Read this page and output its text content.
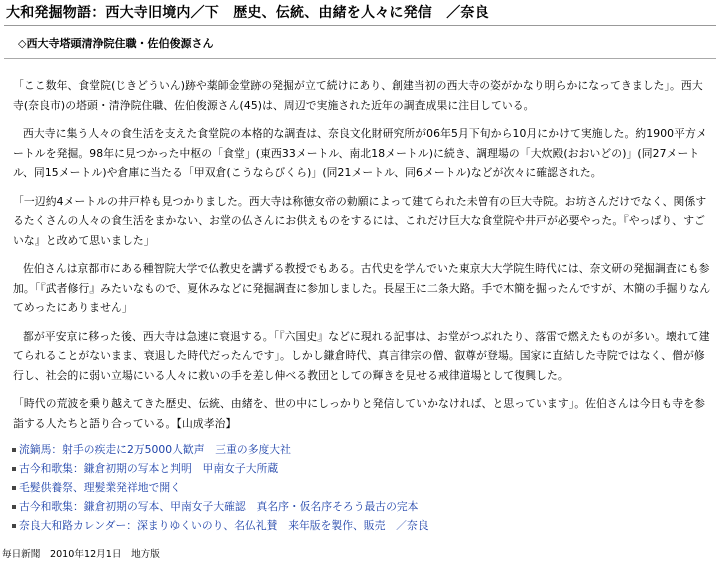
大和発掘物語：西大寺旧境内／下　歴史、伝統、由緒を人々に発信　／奈良
◇西大寺塔頭清浄院住職・佐伯俊源さん

「ここ数年、食堂院(じきどういん)跡や薬師金堂跡の発掘が立て続けにあり、創建当初の西大寺の姿がかなり明らかになってきました」。西大寺(奈良市)の塔頭・清浄院住職、佐伯俊源さん(45)は、周辺で実施された近年の調査成果に注目している。

西大寺に集う人々の食生活を支えた食堂院の本格的な調査は、奈良文化財研究所が06年5月下旬から10月にかけて実施した。約1900平方メートルを発掘。98年に見つかった中枢の「食堂」(東西33メートル、南北18メートル)に続き、調理場の「大炊殿(おおいどの)」(同27メートル、同15メートル)や倉庫に当たる「甲双倉(こうならびくら)」(同21メートル、同6メートル)などが次々に確認された。

「一辺約4メートルの井戸枠も見つかりました。西大寺は称徳女帝の勅願によって建てられた未曽有の巨大寺院。お坊さんだけでなく、関係するたくさんの人々の食生活をまかない、お堂の仏さんにお供えものをするには、これだけ巨大な食堂院や井戸が必要やった。『やっぱり、すごいな』と改めて思いました」

佐伯さんは京都市にある種智院大学で仏教史を講ずる教授でもある。古代史を学んでいた東京大大学院生時代には、奈文研の発掘調査にも参加。「『武者修行』みたいなもので、夏休みなどに発掘調査に参加しました。長屋王に二条大路。手で木簡を掘ったんですが、木簡の手掘りなんてめったにありません」

都が平安京に移った後、西大寺は急速に衰退する。「『六国史』などに現れる記事は、お堂がつぶれたり、落雷で燃えたものが多い。壊れて建てられることがないまま、衰退した時代だったんです」。しかし鎌倉時代、真言律宗の僧、叡尊が登場。国家に直結した寺院ではなく、僧が修行し、社会的に弱い立場にいる人々に救いの手を差し伸べる教団としての輝きを見せる戒律道場として復興した。

「時代の荒波を乗り越えてきた歴史、伝統、由緒を、世の中にしっかりと発信していかなければ、と思っています」。佐伯さんは今日も寺を参詣する人たちと語り合っている。【山成孝治】

流鏑馬：射手の疾走に2万5000人歓声　三重の多度大社
古今和歌集：鎌倉初期の写本と判明　甲南女子大所蔵
毛髪供養祭、理髪業発祥地で開く
古今和歌集：鎌倉初期の写本、甲南女子大確認　真名序・仮名序そろう最古の完本
奈良大和路カレンダー：深まりゆくいのり、名仏礼賛　来年版を製作、販売　／奈良
毎日新聞　2010年12月1日　地方版
